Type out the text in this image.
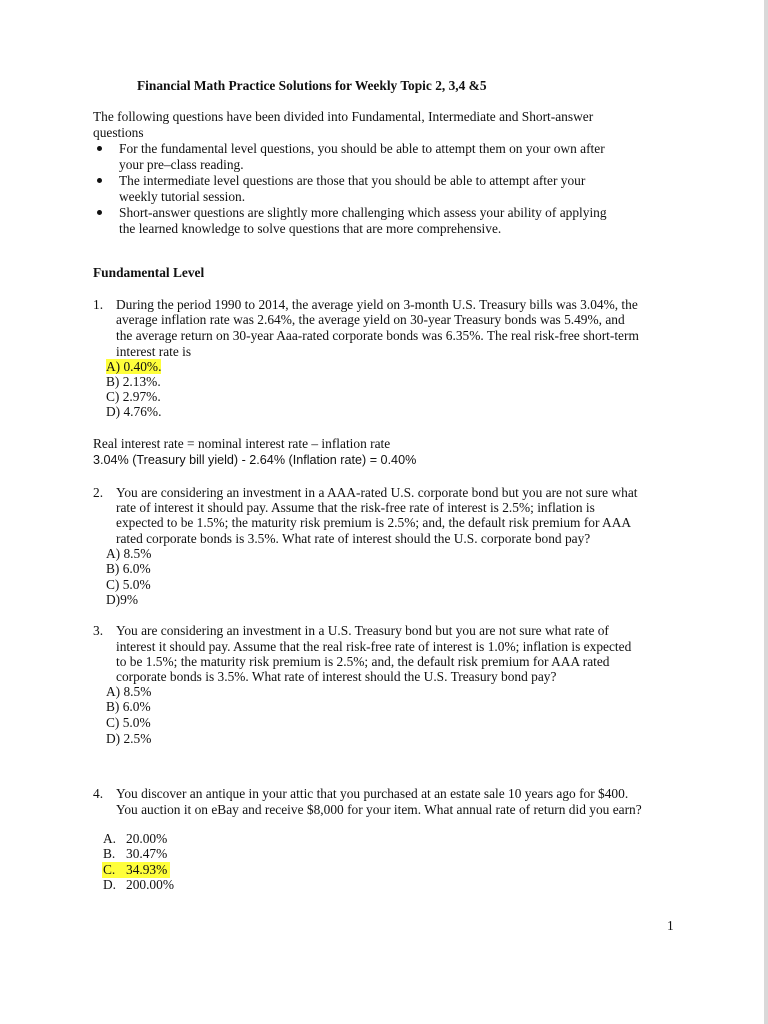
Financial Math Practice Solutions for Weekly Topic 2, 3,4 &5
The following questions have been divided into Fundamental, Intermediate and Short-answer
questions
For the fundamental level questions, you should be able to attempt them on your own after
your pre–class reading.
The intermediate level questions are those that you should be able to attempt after your
weekly tutorial session.
Short-answer questions are slightly more challenging which assess your ability of applying
the learned knowledge to solve questions that are more comprehensive.
Fundamental Level
1. During the period 1990 to 2014, the average yield on 3-month U.S. Treasury bills was 3.04%, the
average inflation rate was 2.64%, the average yield on 30-year Treasury bonds was 5.49%, and
the average return on 30-year Aaa-rated corporate bonds was 6.35%. The real risk-free short-term
interest rate is
A) 0.40%.
B) 2.13%.
C) 2.97%.
D) 4.76%.
Real interest rate = nominal interest rate – inflation rate
3.04% (Treasury bill yield) - 2.64% (Inflation rate) = 0.40%
2. You are considering an investment in a AAA-rated U.S. corporate bond but you are not sure what
rate of interest it should pay. Assume that the risk-free rate of interest is 2.5%; inflation is
expected to be 1.5%; the maturity risk premium is 2.5%; and, the default risk premium for AAA
rated corporate bonds is 3.5%. What rate of interest should the U.S. corporate bond pay?
A) 8.5%
B) 6.0%
C) 5.0%
D)9%
3. You are considering an investment in a U.S. Treasury bond but you are not sure what rate of
interest it should pay. Assume that the real risk-free rate of interest is 1.0%; inflation is expected
to be 1.5%; the maturity risk premium is 2.5%; and, the default risk premium for AAA rated
corporate bonds is 3.5%. What rate of interest should the U.S. Treasury bond pay?
A) 8.5%
B) 6.0%
C) 5.0%
D) 2.5%
4. You discover an antique in your attic that you purchased at an estate sale 10 years ago for $400.
You auction it on eBay and receive $8,000 for your item. What annual rate of return did you earn?
A. 20.00%
B. 30.47%
C. 34.93%

D. 200.00%
1
